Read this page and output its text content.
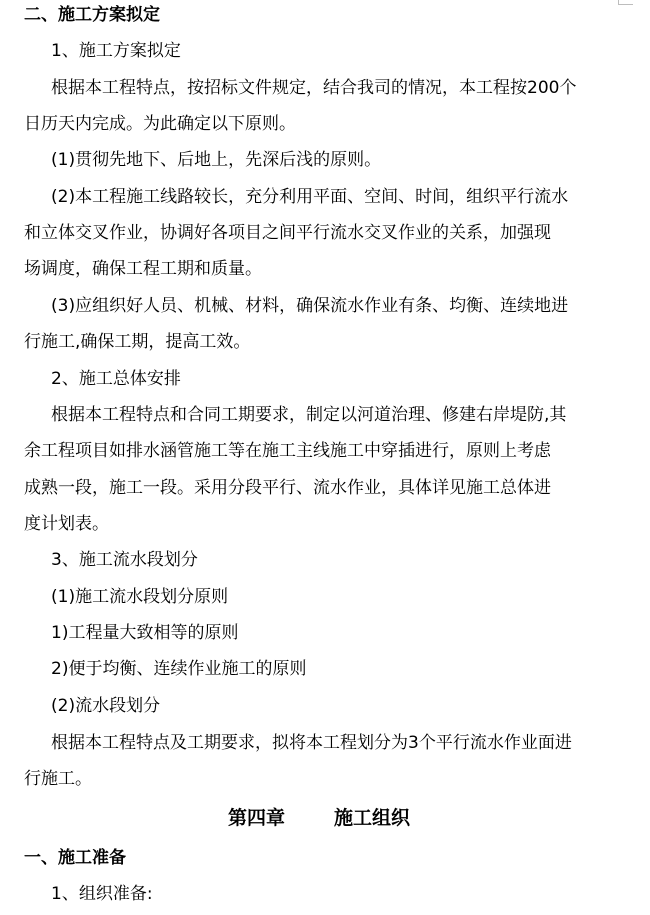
二、施工方案拟定
1、施工方案拟定
根据本工程特点，按招标文件规定，结合我司的情况，本工程按200个
日历天内完成。为此确定以下原则。
(1)贯彻先地下、后地上，先深后浅的原则。
(2)本工程施工线路较长，充分利用平面、空间、时间，组织平行流水
和立体交叉作业，协调好各项目之间平行流水交叉作业的关系，加强现
场调度，确保工程工期和质量。
(3)应组织好人员、机械、材料，确保流水作业有条、均衡、连续地进
行施工,确保工期，提高工效。
2、施工总体安排
根据本工程特点和合同工期要求，制定以河道治理、修建右岸堤防,其
余工程项目如排水涵管施工等在施工主线施工中穿插进行，原则上考虑
成熟一段，施工一段。采用分段平行、流水作业，具体详见施工总体进
度计划表。
3、施工流水段划分
(1)施工流水段划分原则
1)工程量大致相等的原则
2)便于均衡、连续作业施工的原则
(2)流水段划分
根据本工程特点及工期要求，拟将本工程划分为3个平行流水作业面进
行施工。
第四章	施工组织
一、施工准备
1、组织准备:
